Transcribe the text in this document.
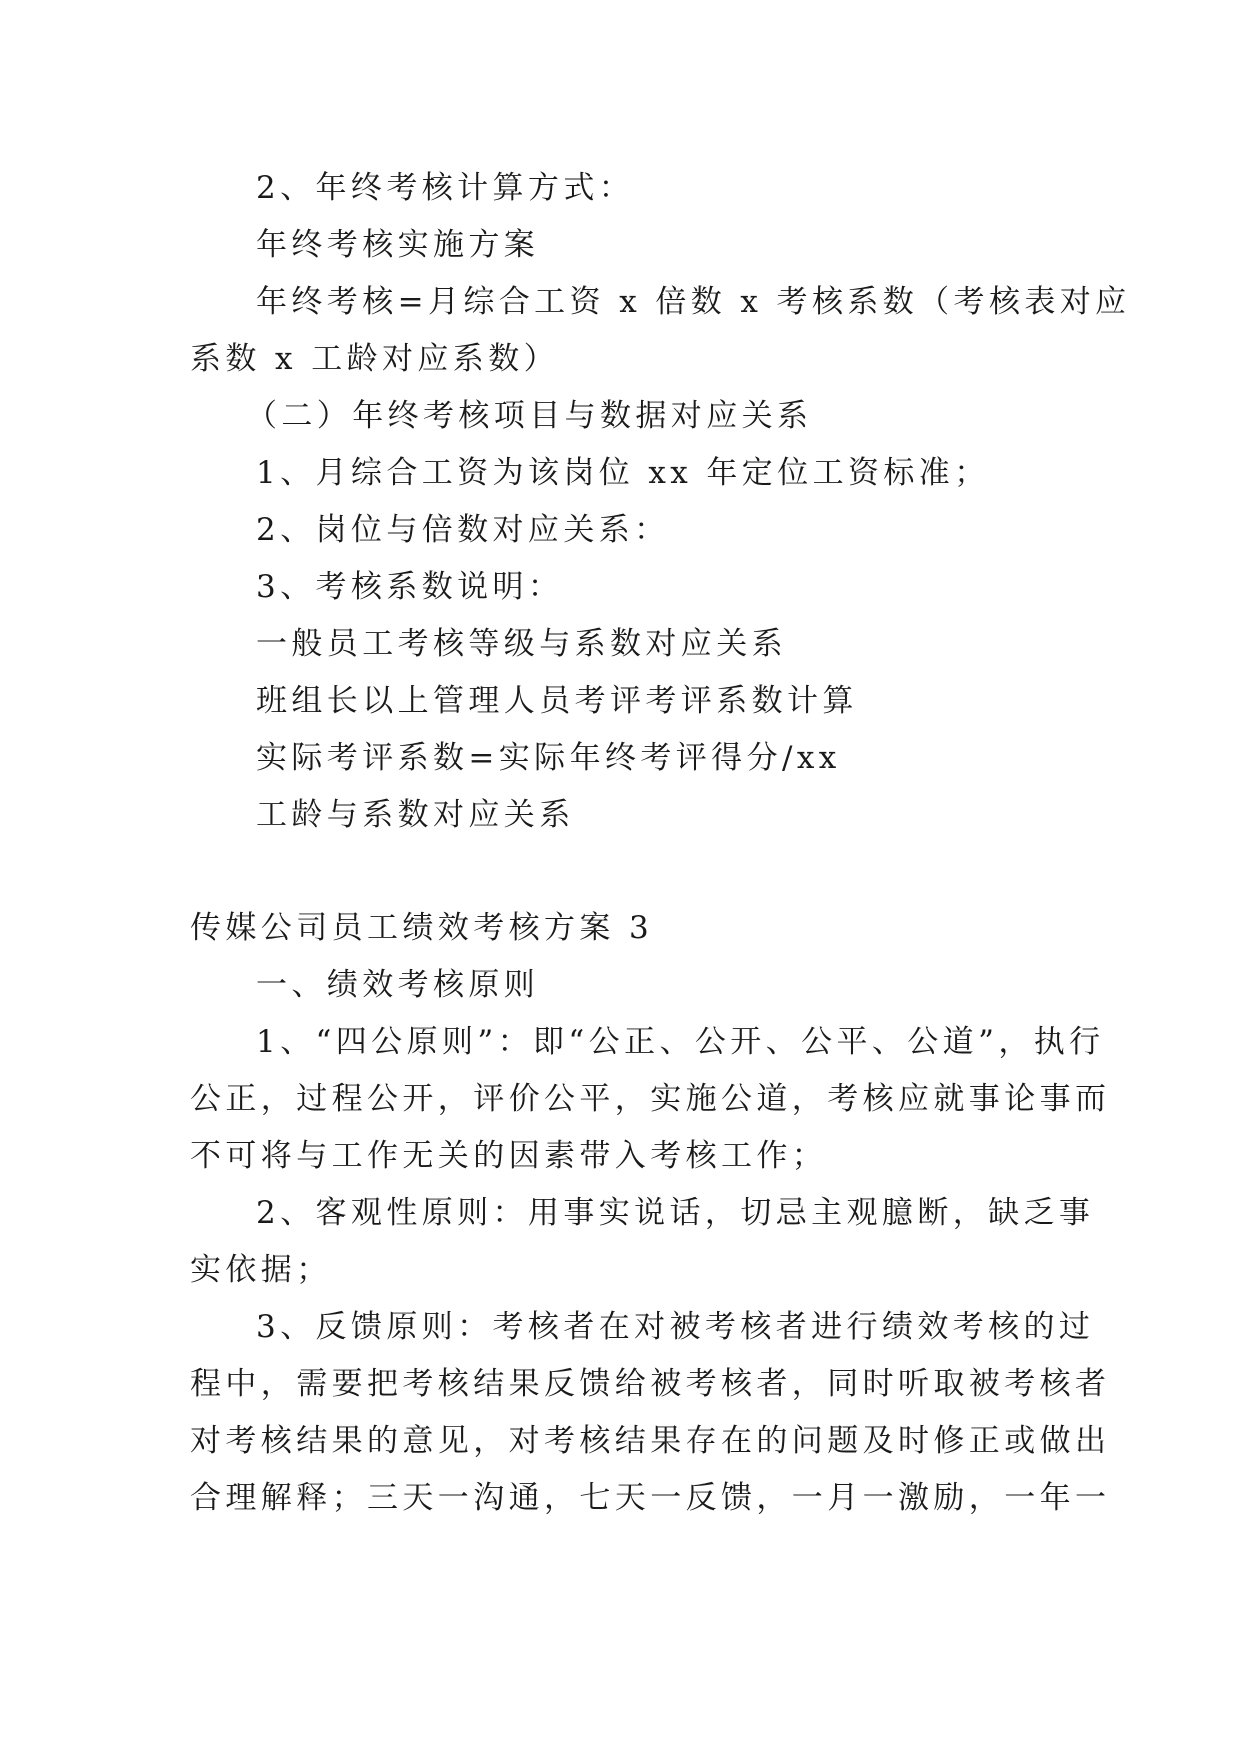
2、年终考核计算方式：
年终考核实施方案
年终考核=月综合工资 x 倍数 x 考核系数（考核表对应
系数 x 工龄对应系数）
（二）年终考核项目与数据对应关系
1、月综合工资为该岗位 xx 年定位工资标准；
2、岗位与倍数对应关系：
3、考核系数说明：
一般员工考核等级与系数对应关系
班组长以上管理人员考评考评系数计算
实际考评系数=实际年终考评得分/xx
工龄与系数对应关系
传媒公司员工绩效考核方案 3
一、绩效考核原则
1、“四公原则”：即“公正、公开、公平、公道”，执行
公正，过程公开，评价公平，实施公道，考核应就事论事而
不可将与工作无关的因素带入考核工作；
2、客观性原则：用事实说话，切忌主观臆断，缺乏事
实依据；
3、反馈原则：考核者在对被考核者进行绩效考核的过
程中，需要把考核结果反馈给被考核者，同时听取被考核者
对考核结果的意见，对考核结果存在的问题及时修正或做出
合理解释；三天一沟通，七天一反馈，一月一激励，一年一
